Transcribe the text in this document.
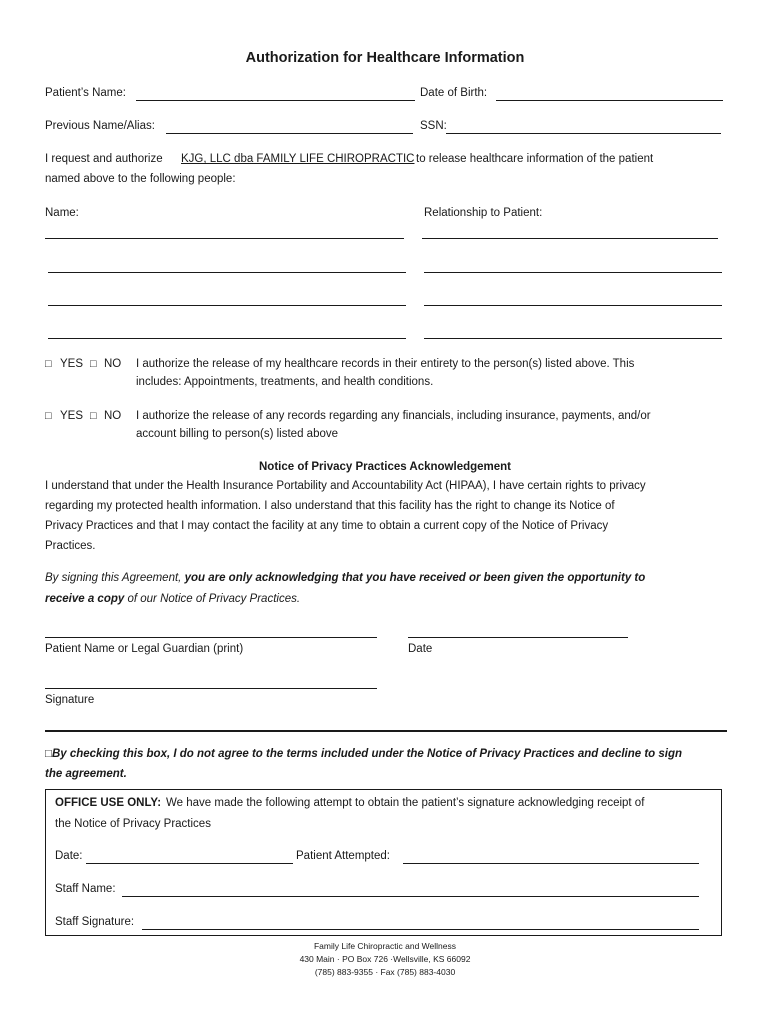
Authorization for Healthcare Information
Patient’s Name:	Date of Birth:
Previous Name/Alias:	SSN:
I request and authorize KJG, LLC dba FAMILY LIFE CHIROPRACTIC to release healthcare information of the patient
named above to the following people:
Name:	Relationship to Patient:
□ YES □ NO I authorize the release of my healthcare records in their entirety to the person(s) listed above. This
includes: Appointments, treatments, and health conditions.
□ YES □ NO I authorize the release of any records regarding any financials, including insurance, payments, and/or
account billing to person(s) listed above
Notice of Privacy Practices Acknowledgement
I understand that under the Health Insurance Portability and Accountability Act (HIPAA), I have certain rights to privacy
regarding my protected health information. I also understand that this facility has the right to change its Notice of
Privacy Practices and that I may contact the facility at any time to obtain a current copy of the Notice of Privacy
Practices.
By signing this Agreement, you are only acknowledging that you have received or been given the opportunity to
receive a copy of our Notice of Privacy Practices.
Patient Name or Legal Guardian (print)	Date
Signature
□By checking this box, I do not agree to the terms included under the Notice of Privacy Practices and decline to sign
the agreement.
OFFICE USE ONLY: We have made the following attempt to obtain the patient’s signature acknowledging receipt of
the Notice of Privacy Practices
Date:	Patient Attempted:
Staff Name:
Staff Signature:
Family Life Chiropractic and Wellness
430 Main · PO Box 726 ·Wellsville, KS 66092
(785) 883-9355 · Fax (785) 883-4030
